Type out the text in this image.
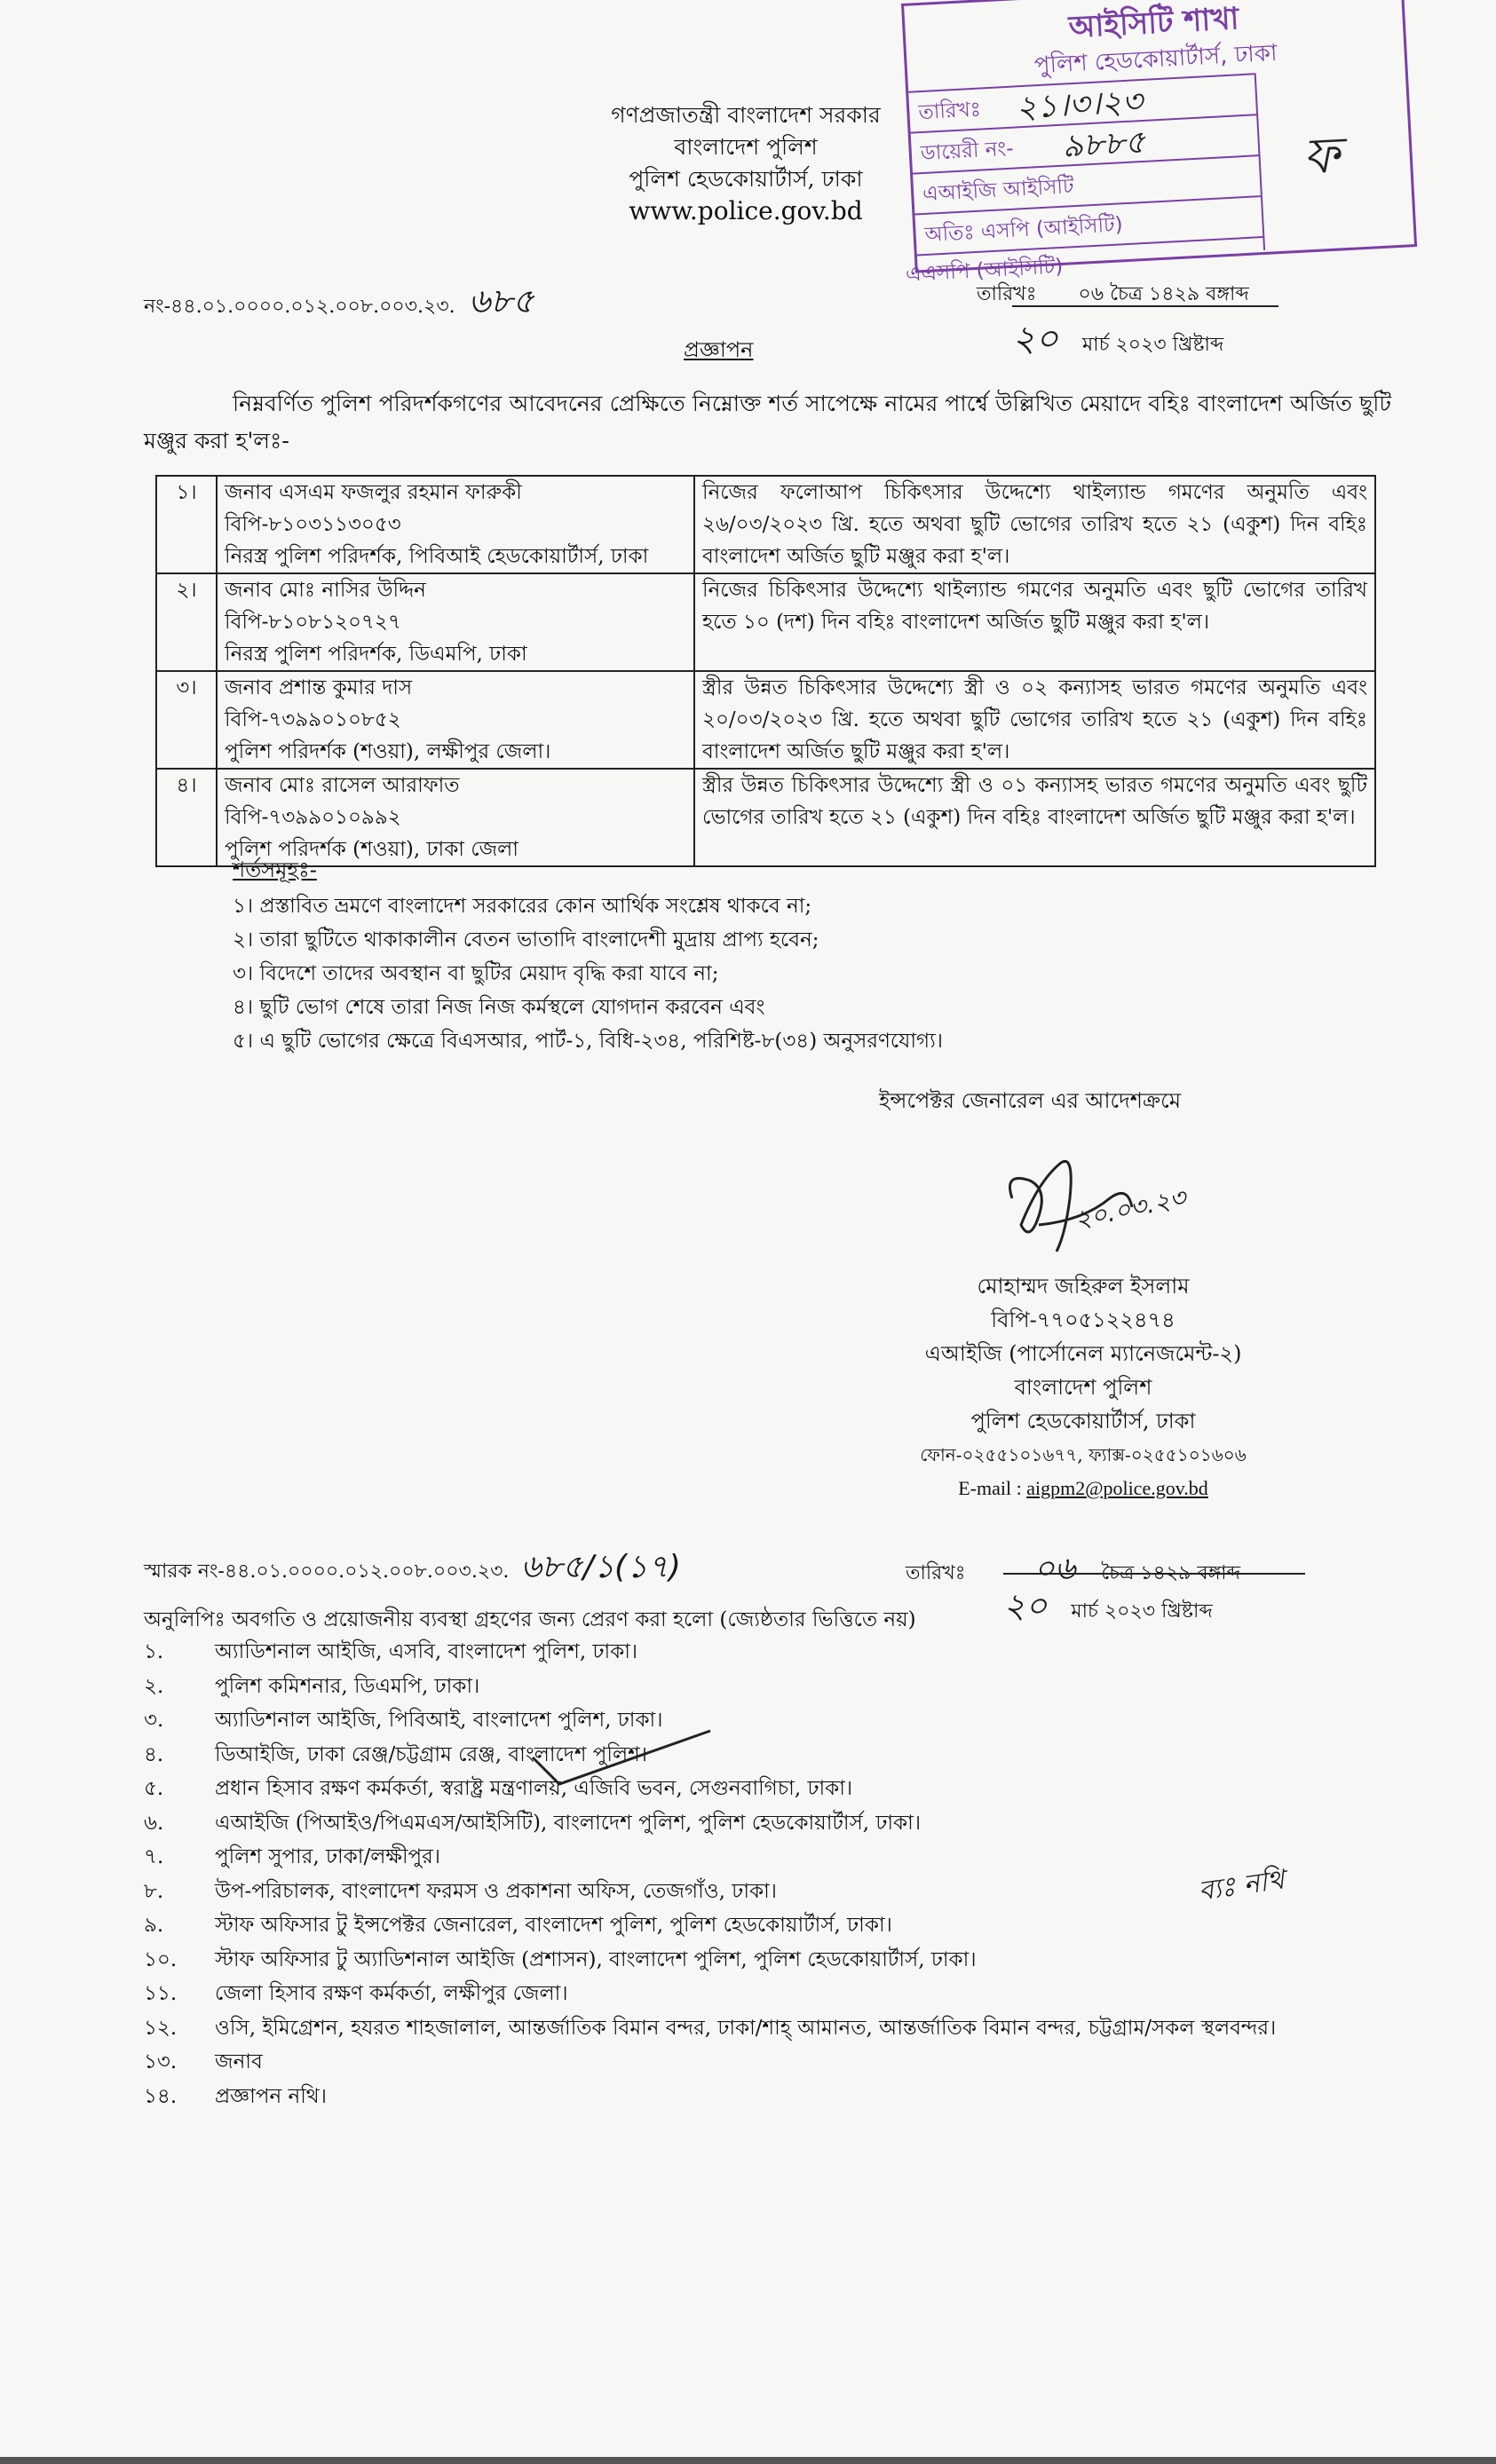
আইসিটি শাখা
পুলিশ হেডকোয়ার্টার্স, ঢাকা
তারিখঃ
ডায়েরী নং-
এআইজি আইসিটি
অতিঃ এসপি (আইসিটি)
২১।৩।২৩
৯৮৮৫	ফ
এএসপি (আইসিটি)
গণপ্রজাতন্ত্রী বাংলাদেশ সরকার
বাংলাদেশ পুলিশ
পুলিশ হেডকোয়ার্টার্স, ঢাকা
www.police.gov.bd
নং-৪৪.০১.০০০০.০১২.০০৮.০০৩.২৩. ৬৮৫	তারিখঃ ০৬ চৈত্র ১৪২৯ বঙ্গাব্দ
২০ মার্চ ২০২৩ খ্রিষ্টাব্দ
প্রজ্ঞাপন
নিম্নবর্ণিত পুলিশ পরিদর্শকগণের আবেদনের প্রেক্ষিতে নিম্নোক্ত শর্ত সাপেক্ষে নামের পার্শ্বে উল্লিখিত মেয়াদে বহিঃ বাংলাদেশ অর্জিত ছুটি মঞ্জুর করা হ'লঃ-
১।	জনাব এসএম ফজলুর রহমান ফারুকী
বিপি-৮১০৩১১৩০৫৩
নিরস্ত্র পুলিশ পরিদর্শক, পিবিআই হেডকোয়ার্টার্স, ঢাকা	নিজের ফলোআপ চিকিৎসার উদ্দেশ্যে থাইল্যান্ড গমণের অনুমতি এবং ২৬/০৩/২০২৩ খ্রি. হতে অথবা ছুটি ভোগের তারিখ হতে ২১ (একুশ) দিন বহিঃ বাংলাদেশ অর্জিত ছুটি মঞ্জুর করা হ'ল।
২।	জনাব মোঃ নাসির উদ্দিন
বিপি-৮১০৮১২০৭২৭
নিরস্ত্র পুলিশ পরিদর্শক, ডিএমপি, ঢাকা	নিজের চিকিৎসার উদ্দেশ্যে থাইল্যান্ড গমণের অনুমতি এবং ছুটি ভোগের তারিখ হতে ১০ (দশ) দিন বহিঃ বাংলাদেশ অর্জিত ছুটি মঞ্জুর করা হ'ল।
৩।	জনাব প্রশান্ত কুমার দাস
বিপি-৭৩৯৯০১০৮৫২
পুলিশ পরিদর্শক (শওয়া), লক্ষীপুর জেলা।	স্ত্রীর উন্নত চিকিৎসার উদ্দেশ্যে স্ত্রী ও ০২ কন্যাসহ ভারত গমণের অনুমতি এবং ২০/০৩/২০২৩ খ্রি. হতে অথবা ছুটি ভোগের তারিখ হতে ২১ (একুশ) দিন বহিঃ বাংলাদেশ অর্জিত ছুটি মঞ্জুর করা হ'ল।
৪।	জনাব মোঃ রাসেল আরাফাত
বিপি-৭৩৯৯০১০৯৯২
পুলিশ পরিদর্শক (শওয়া), ঢাকা জেলা	স্ত্রীর উন্নত চিকিৎসার উদ্দেশ্যে স্ত্রী ও ০১ কন্যাসহ ভারত গমণের অনুমতি এবং ছুটি ভোগের তারিখ হতে ২১ (একুশ) দিন বহিঃ বাংলাদেশ অর্জিত ছুটি মঞ্জুর করা হ'ল।
শর্তসমূহঃ-
১। প্রস্তাবিত ভ্রমণে বাংলাদেশ সরকারের কোন আর্থিক সংশ্লেষ থাকবে না;
২। তারা ছুটিতে থাকাকালীন বেতন ভাতাদি বাংলাদেশী মুদ্রায় প্রাপ্য হবেন;
৩। বিদেশে তাদের অবস্থান বা ছুটির মেয়াদ বৃদ্ধি করা যাবে না;
৪। ছুটি ভোগ শেষে তারা নিজ নিজ কর্মস্থলে যোগদান করবেন এবং
৫। এ ছুটি ভোগের ক্ষেত্রে বিএসআর, পার্ট-১, বিধি-২৩৪, পরিশিষ্ট-৮(৩৪) অনুসরণযোগ্য।
ইন্সপেক্টর জেনারেল এর আদেশক্রমে
২০.০৩.২৩
মোহাম্মদ জহিরুল ইসলাম
বিপি-৭৭০৫১২২৪৭৪
এআইজি (পার্সোনেল ম্যানেজমেন্ট-২)
বাংলাদেশ পুলিশ
পুলিশ হেডকোয়ার্টার্স, ঢাকা
ফোন-০২৫৫১০১৬৭৭, ফ্যাক্স-০২৫৫১০১৬০৬
E-mail : aigpm2@police.gov.bd
স্মারক নং-৪৪.০১.০০০০.০১২.০০৮.০০৩.২৩. ৬৮৫/১(১৭)	তারিখঃ ০৬ চৈত্র ১৪২৯ বঙ্গাব্দ
২০ মার্চ ২০২৩ খ্রিষ্টাব্দ
অনুলিপিঃ অবগতি ও প্রয়োজনীয় ব্যবস্থা গ্রহণের জন্য প্রেরণ করা হলো (জ্যেষ্ঠতার ভিত্তিতে নয়)
১.	অ্যাডিশনাল আইজি, এসবি, বাংলাদেশ পুলিশ, ঢাকা।
২.	পুলিশ কমিশনার, ডিএমপি, ঢাকা।
৩.	অ্যাডিশনাল আইজি, পিবিআই, বাংলাদেশ পুলিশ, ঢাকা।
৪.	ডিআইজি, ঢাকা রেঞ্জ/চট্টগ্রাম রেঞ্জ, বাংলাদেশ পুলিশ।
৫.	প্রধান হিসাব রক্ষণ কর্মকর্তা, স্বরাষ্ট্র মন্ত্রণালয়, এজিবি ভবন, সেগুনবাগিচা, ঢাকা।
৬.	এআইজি (পিআইও/পিএমএস/আইসিটি), বাংলাদেশ পুলিশ, পুলিশ হেডকোয়ার্টার্স, ঢাকা।
৭.	পুলিশ সুপার, ঢাকা/লক্ষীপুর।
৮.	উপ-পরিচালক, বাংলাদেশ ফরমস ও প্রকাশনা অফিস, তেজগাঁও, ঢাকা।
৯.	স্টাফ অফিসার টু ইন্সপেক্টর জেনারেল, বাংলাদেশ পুলিশ, পুলিশ হেডকোয়ার্টার্স, ঢাকা।
১০. স্টাফ অফিসার টু অ্যাডিশনাল আইজি (প্রশাসন), বাংলাদেশ পুলিশ, পুলিশ হেডকোয়ার্টার্স, ঢাকা।
১১. জেলা হিসাব রক্ষণ কর্মকর্তা, লক্ষীপুর জেলা।
১২. ওসি, ইমিগ্রেশন, হযরত শাহজালাল, আন্তর্জাতিক বিমান বন্দর, ঢাকা/শাহ্ আমানত, আন্তর্জাতিক বিমান বন্দর, চট্টগ্রাম/সকল স্থলবন্দর।
১৩. জনাব
১৪. প্রজ্ঞাপন নথি।
ব্যঃ নথি
